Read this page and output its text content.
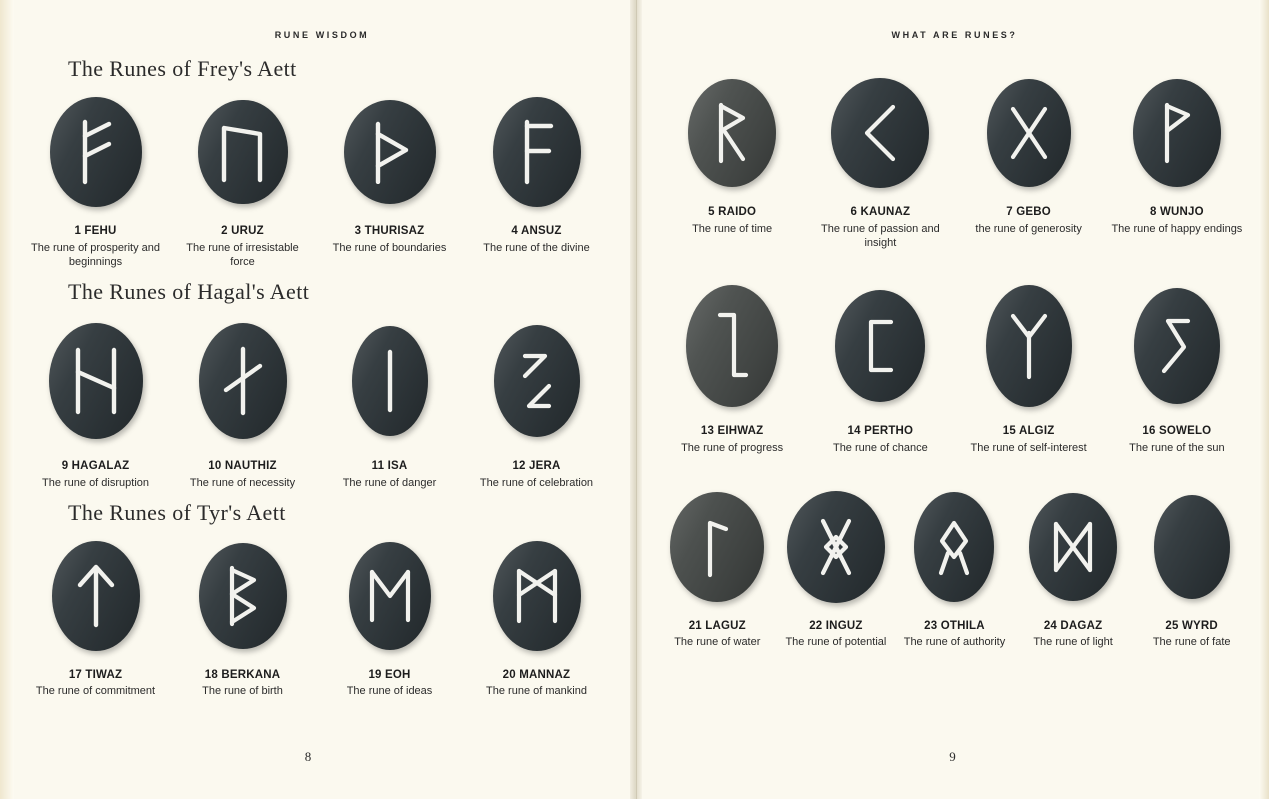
RUNE WISDOM
The Runes of Frey's Aett
1 FEHU
The rune of prosperity and beginnings
2 URUZ
The rune of irresistable force
3 THURISAZ
The rune of boundaries
4 ANSUZ
The rune of the divine
The Runes of Hagal's Aett
9 HAGALAZ
The rune of disruption
10 NAUTHIZ
The rune of necessity
11 ISA
The rune of danger
12 JERA
The rune of celebration
The Runes of Tyr's Aett
17 TIWAZ
The rune of commitment
18 BERKANA
The rune of birth
19 EOH
The rune of ideas
20 MANNAZ
The rune of mankind
8
WHAT ARE RUNES?
5 RAIDO
The rune of time
6 KAUNAZ
The rune of passion and insight
7 GEBO
the rune of generosity
8 WUNJO
The rune of happy endings
13 EIHWAZ
The rune of progress
14 PERTHO
The rune of chance
15 ALGIZ
The rune of self-interest
16 SOWELO
The rune of the sun
21 LAGUZ
The rune of water
22 INGUZ
The rune of potential
23 OTHILA
The rune of authority
24 DAGAZ
The rune of light
25 WYRD
The rune of fate
9
